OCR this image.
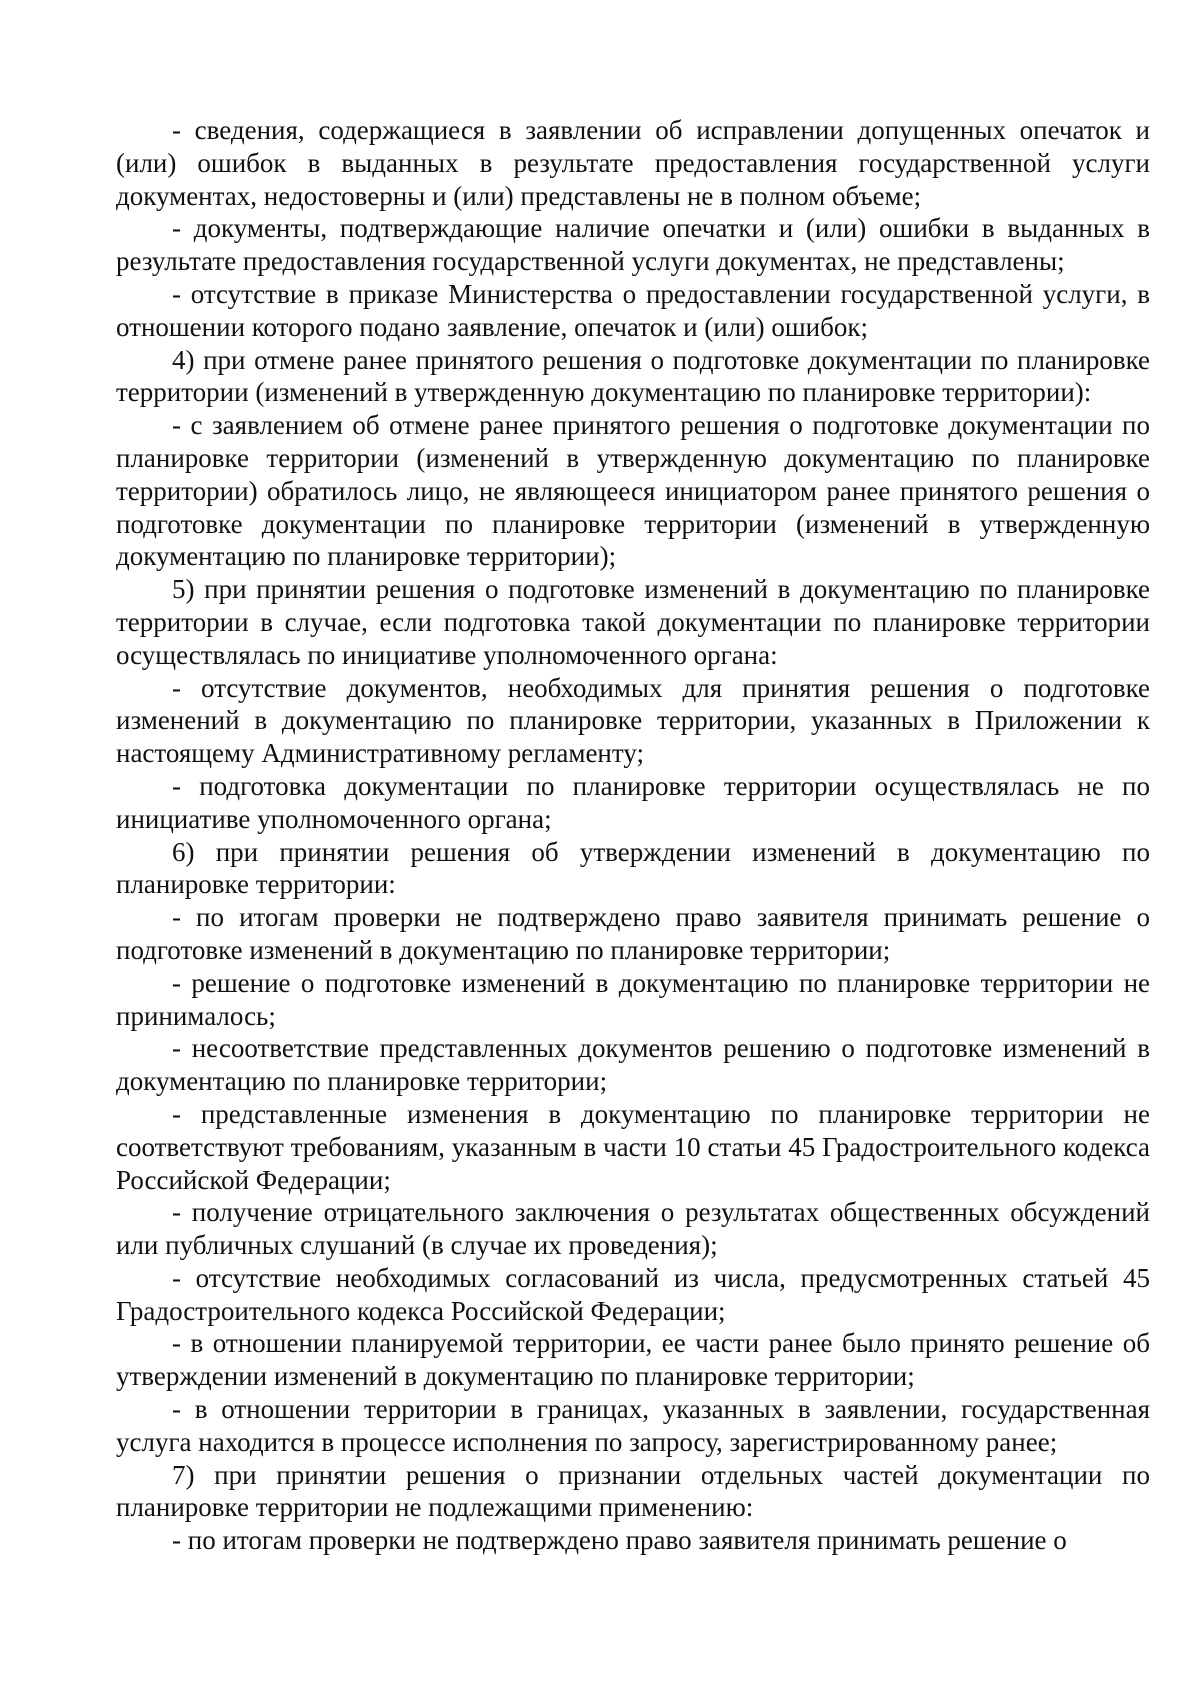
- сведения, содержащиеся в заявлении об исправлении допущенных опечаток и (или) ошибок в выданных в результате предоставления государственной услуги документах, недостоверны и (или) представлены не в полном объеме;

- документы, подтверждающие наличие опечатки и (или) ошибки в выданных в результате предоставления государственной услуги документах, не представлены;

- отсутствие в приказе Министерства о предоставлении государственной услуги, в отношении которого подано заявление, опечаток и (или) ошибок;

4) при отмене ранее принятого решения о подготовке документации по планировке территории (изменений в утвержденную документацию по планировке территории):

- с заявлением об отмене ранее принятого решения о подготовке документации по планировке территории (изменений в утвержденную документацию по планировке территории) обратилось лицо, не являющееся инициатором ранее принятого решения о подготовке документации по планировке территории (изменений в утвержденную документацию по планировке территории);

5) при принятии решения о подготовке изменений в документацию по планировке территории в случае, если подготовка такой документации по планировке территории осуществлялась по инициативе уполномоченного органа:

- отсутствие документов, необходимых для принятия решения о подготовке изменений в документацию по планировке территории, указанных в Приложении к настоящему Административному регламенту;

- подготовка документации по планировке территории осуществлялась не по инициативе уполномоченного органа;

6) при принятии решения об утверждении изменений в документацию по планировке территории:

- по итогам проверки не подтверждено право заявителя принимать решение о подготовке изменений в документацию по планировке территории;

- решение о подготовке изменений в документацию по планировке территории не принималось;

- несоответствие представленных документов решению о подготовке изменений в документацию по планировке территории;

- представленные изменения в документацию по планировке территории не соответствуют требованиям, указанным в части 10 статьи 45 Градостроительного кодекса Российской Федерации;

- получение отрицательного заключения о результатах общественных обсуждений или публичных слушаний (в случае их проведения);

- отсутствие необходимых согласований из числа, предусмотренных статьей 45 Градостроительного кодекса Российской Федерации;

- в отношении планируемой территории, ее части ранее было принято решение об утверждении изменений в документацию по планировке территории;

- в отношении территории в границах, указанных в заявлении, государственная услуга находится в процессе исполнения по запросу, зарегистрированному ранее;

7) при принятии решения о признании отдельных частей документации по планировке территории не подлежащими применению:

- по итогам проверки не подтверждено право заявителя принимать решение о
